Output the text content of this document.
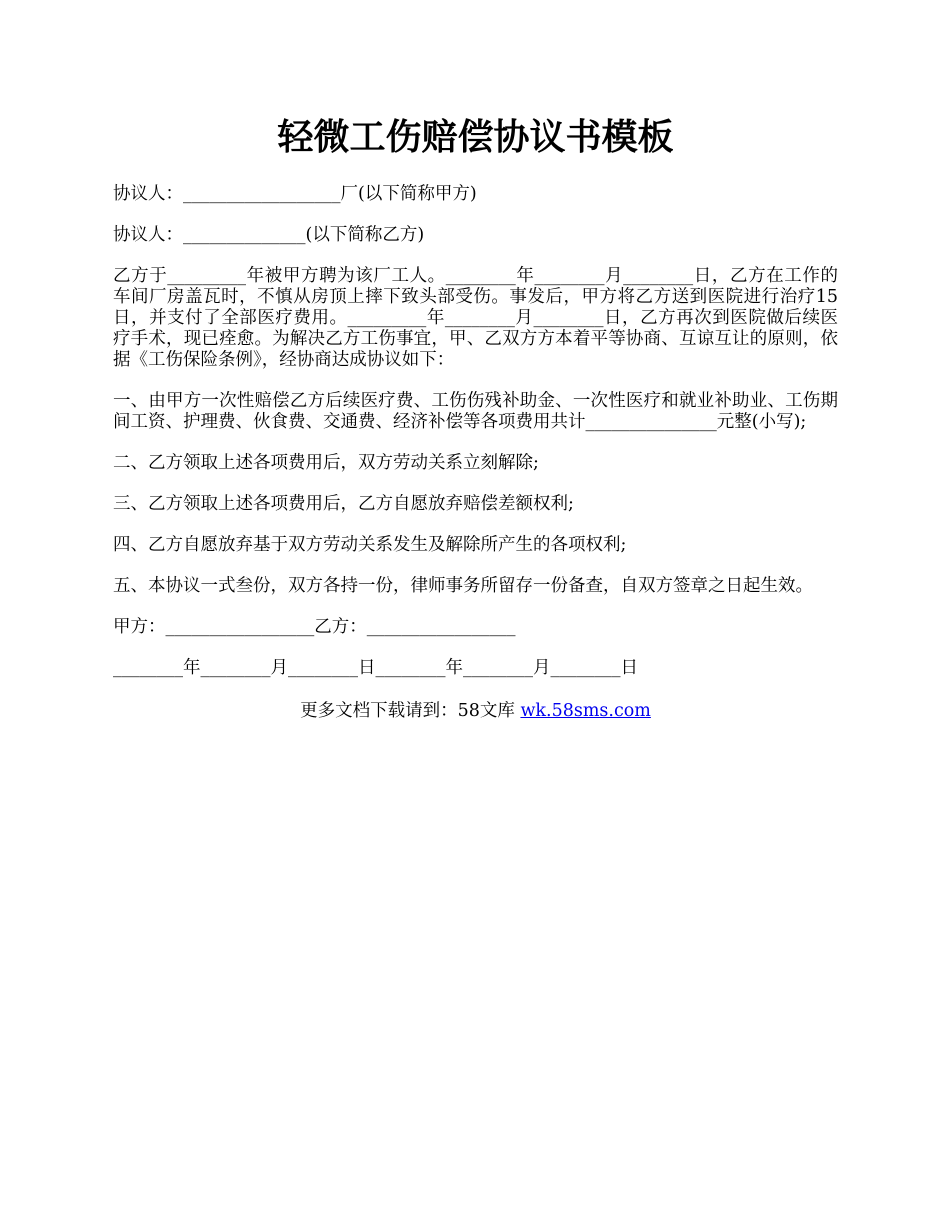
轻微工伤赔偿协议书模板

协议人：__________________厂(以下简称甲方)

协议人：______________(以下简称乙方)

乙方于_________年被甲方聘为该厂工人。________年________月________日，乙方在工作的车间厂房盖瓦时，不慎从房顶上摔下致头部受伤。事发后，甲方将乙方送到医院进行治疗15日，并支付了全部医疗费用。_________年________月________日，乙方再次到医院做后续医疗手术，现已痊愈。为解决乙方工伤事宜，甲、乙双方方本着平等协商、互谅互让的原则，依据《工伤保险条例》，经协商达成协议如下：

一、由甲方一次性赔偿乙方后续医疗费、工伤伤残补助金、一次性医疗和就业补助业、工伤期间工资、护理费、伙食费、交通费、经济补偿等各项费用共计_______________元整(小写);

二、乙方领取上述各项费用后，双方劳动关系立刻解除;

三、乙方领取上述各项费用后，乙方自愿放弃赔偿差额权利;

四、乙方自愿放弃基于双方劳动关系发生及解除所产生的各项权利;

五、本协议一式叁份，双方各持一份，律师事务所留存一份备查，自双方签章之日起生效。

甲方：_________________乙方：_________________

________年________月________日________年________月________日

更多文档下载请到：58文库 wk.58sms.com
